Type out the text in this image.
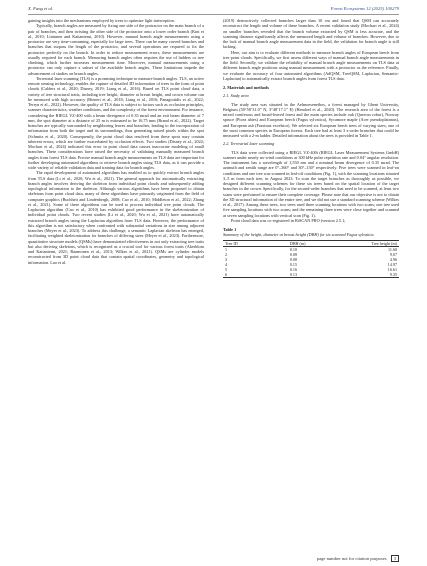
X. Fang et al.	Forest Ecosystems 12 (2025) 100279

gaining insights into the mechanisms employed by trees to optimize light interception.

Typically, branch angles are measured by fixing one side of the protractor on the main branch of a pair of branches, and then twisting the other side of the protractor onto a lower order branch (Kint et al., 2010; Lintunen and Kaitaniemi, 2010). However, manual branch angle measurements using a protractor are very time-consuming, especially for large trees. There can be many curved branches and branches that surpass the length of the protractor, and several operations are required to fix the protractor perfectly on the branch. In order to reduce measurement errors, these measurements are usually required for each branch. Measuring branch angles often requires the use of ladders or tree climbing, which further increases measurement time. Moreover, manual measurements using a protractor can only capture a subset of the available branch angles. These limitations impede the advancement of studies on branch angles.

Terrestrial laser scanning (TLS) is a promising technique to measure branch angles. TLS, an active remote sensing technology, enables the capture of detailed 3D information of trees in the form of point clouds (Calders et al., 2020; Disney, 2019; Liang et al., 2016). Based on TLS point cloud data, a variety of tree structural traits, including tree height, diameter at breast height, and crown volume can be measured with high accuracy (Bienert et al., 2018; Liang et al., 2016; Panagiotidis et al., 2022; Terryn et al., 2022). However, the quality of TLS data is subject to factors such as occlusion principles, scanner characteristics, weather conditions, and the complexity of the forest environment. For instance, considering the RIEGL VZ-400 with a beam divergence of 0.35 mrad and an exit beam diameter of 7 mm, the spot diameter at a distance of 25 m is estimated to be 16.75 mm (Brand et al., 2022). Target branches are typically surrounded by neighboring leaves and branches, leading to the incorporation of information from both the target and its surroundings, thus generating mixed pixels within the spot (Schmitz et al., 2020). Consequently, the point cloud data resolved from these spots may contain inherent errors, which are further exacerbated by occlusion effects. Two studies (Disney et al., 2022; Mochart et al., 2024) indicated this error in point cloud data causes inaccurate modeling of small branches. These considerations have raised the necessity of validating manually measured branch angles from forest TLS data. Precise manual branch angle measurements on TLS data are important for further developing automated algorithms to retrieve branch angles using TLS data, as it can provide a wide variety of reliable validation data and training data for branch angles.

The rapid development of automated algorithms has enabled us to quickly extract branch angles from TLS data (Li et al., 2020; Wu et al., 2021). The general approach for automatically extracting branch angles involves deriving the skeleton from individual point clouds and subsequently adding topological information to the skeleton. Although various algorithms have been proposed to obtain skeletons from point cloud data, many of these algorithms have primarily originated from the field of computer graphics (Buchheit and Lindenbergh, 2008; Cao et al., 2010; Middleton et al., 2022; Zhang et al., 2021). Some of these algorithms can be used to process individual tree point clouds. The Laplacian algorithm (Cao et al., 2010) has exhibited good performance in the skeletonization of individual point clouds. Two recent studies (Li et al., 2020; Wu et al., 2021) have automatically extracted branch angles using the Laplacian algorithm from TLS data. However, the performance of this algorithm is not satisfactory when confronted with substantial variations in size among adjacent branches (Meyer et al., 2023). To address this challenge, a semantic Laplacian skeleton has emerged, facilitating weighted skeletonization for branches of differing sizes (Meyer et al., 2023). Furthermore, quantitative structure models (QSMs) have demonstrated effectiveness in not only extracting tree traits but also deriving skeletons, which is recognized as a crucial tool for various forest traits (Akerblom and Kaitaniemi, 2021; Raumonen et al., 2013; Wilkes et al., 2021). QSMs are cylinder models reconstructed from 3D point cloud data that contain spatial coordinates, geometry and topological information. Lau et al.

(2019) destructively collected branches larger than 10 cm and found that QSM can accurately reconstruct the length and volume of these branches. A recent validation study (Mochart et al., 2024) on smaller branches revealed that the branch volume extracted by QSM is less accurate, and the scanning distance significantly affects the measured length and volume of branches. However, due to the lack of manual branch angle measurement data in the field, the validation for branch angle is still lacking.

Here, our aim is to evaluate different methods to measure branch angles of European beech from tree point clouds. Specifically, we first assess different ways of manual branch angle measurements in the field. Secondly, we validate the reliability of manual branch angle measurements on TLS data at different branch angle positions using manual measurement with a protractor as the reference. Finally, we evaluate the accuracy of four automated algorithms (AdQSM, TreeQSM, Laplacian, Semantic-Laplacian) to automatically extract branch angles from forest TLS data.

2. Materials and methods
2.1. Study area

The study area was situated in the Aelmoeseneibos, a forest managed by Ghent University, Belgium (50°58’31.0” N, 3°48’17.1” E) (Hendoel et al., 2020). The research area of the forest is a mixed coniferous and broad-leaved forest and the main species include oak (Quercus robur), Norway spruce (Picea abies) and European beech (Fagus sylvatica), Sycamore maple (Acer pseudoplatanus), and European ash (Fraxinus excelsior). We selected six European beech trees of varying sizes, one of the most common species in European forests. Each tree had at least 3 x-order branches that could be measured with a 2-m ladder. Detailed information about the trees is provided in Table 1.

2.2. Terrestrial laser scanning

TLS data were collected using a RIEGL VZ-400i (RIEGL Laser Measurement Systems GmbH) scanner under nearly no-wind conditions at 300 kHz pulse repetition rate and 0.04° angular resolution. The instrument has a wavelength of 1,550 nm and a nominal beam divergence of 0.35 mrad. The azimuth and zenith range are 0°–360° and 30°–130° respectively. Five trees were scanned in leaf-on conditions and one tree was scanned in leaf-off conditions (Fig. 1), with the scanning locations situated 3–5 m from each tree, in August 2023. To scan the target branches as thoroughly as possible, we designed different scanning schemes for these six trees based on the spatial location of the target branches in the crown. Specifically, for the second-order branches that need to be scanned, at least two scans were performed to ensure their complete coverage. Please note that our objective is not to obtain the 3D structural information of the entire tree, and we did not use a standard scanning scheme (Wilkes et al., 2017). Among these trees, two trees used three scanning locations with two scans; one tree used five sampling locations with two scans; and the remaining three trees were close together and scanned at seven sampling locations with vertical scan (Fig. 1).

Point cloud data was co-registered in RiSCAN PRO (version 2.5.1;

Table 1
Summary of the height, diameter at breast height (DBH) for six scanned Fagus sylvatica.
Tree ID	DBH (m)	Tree height (m)
1	0.10	11.60
2	0.08	9.07
3	0.08	4.96
4	0.15	14.97
5	0.16	16.61
6	0.13	9.35
page number not for citation purposes 3
